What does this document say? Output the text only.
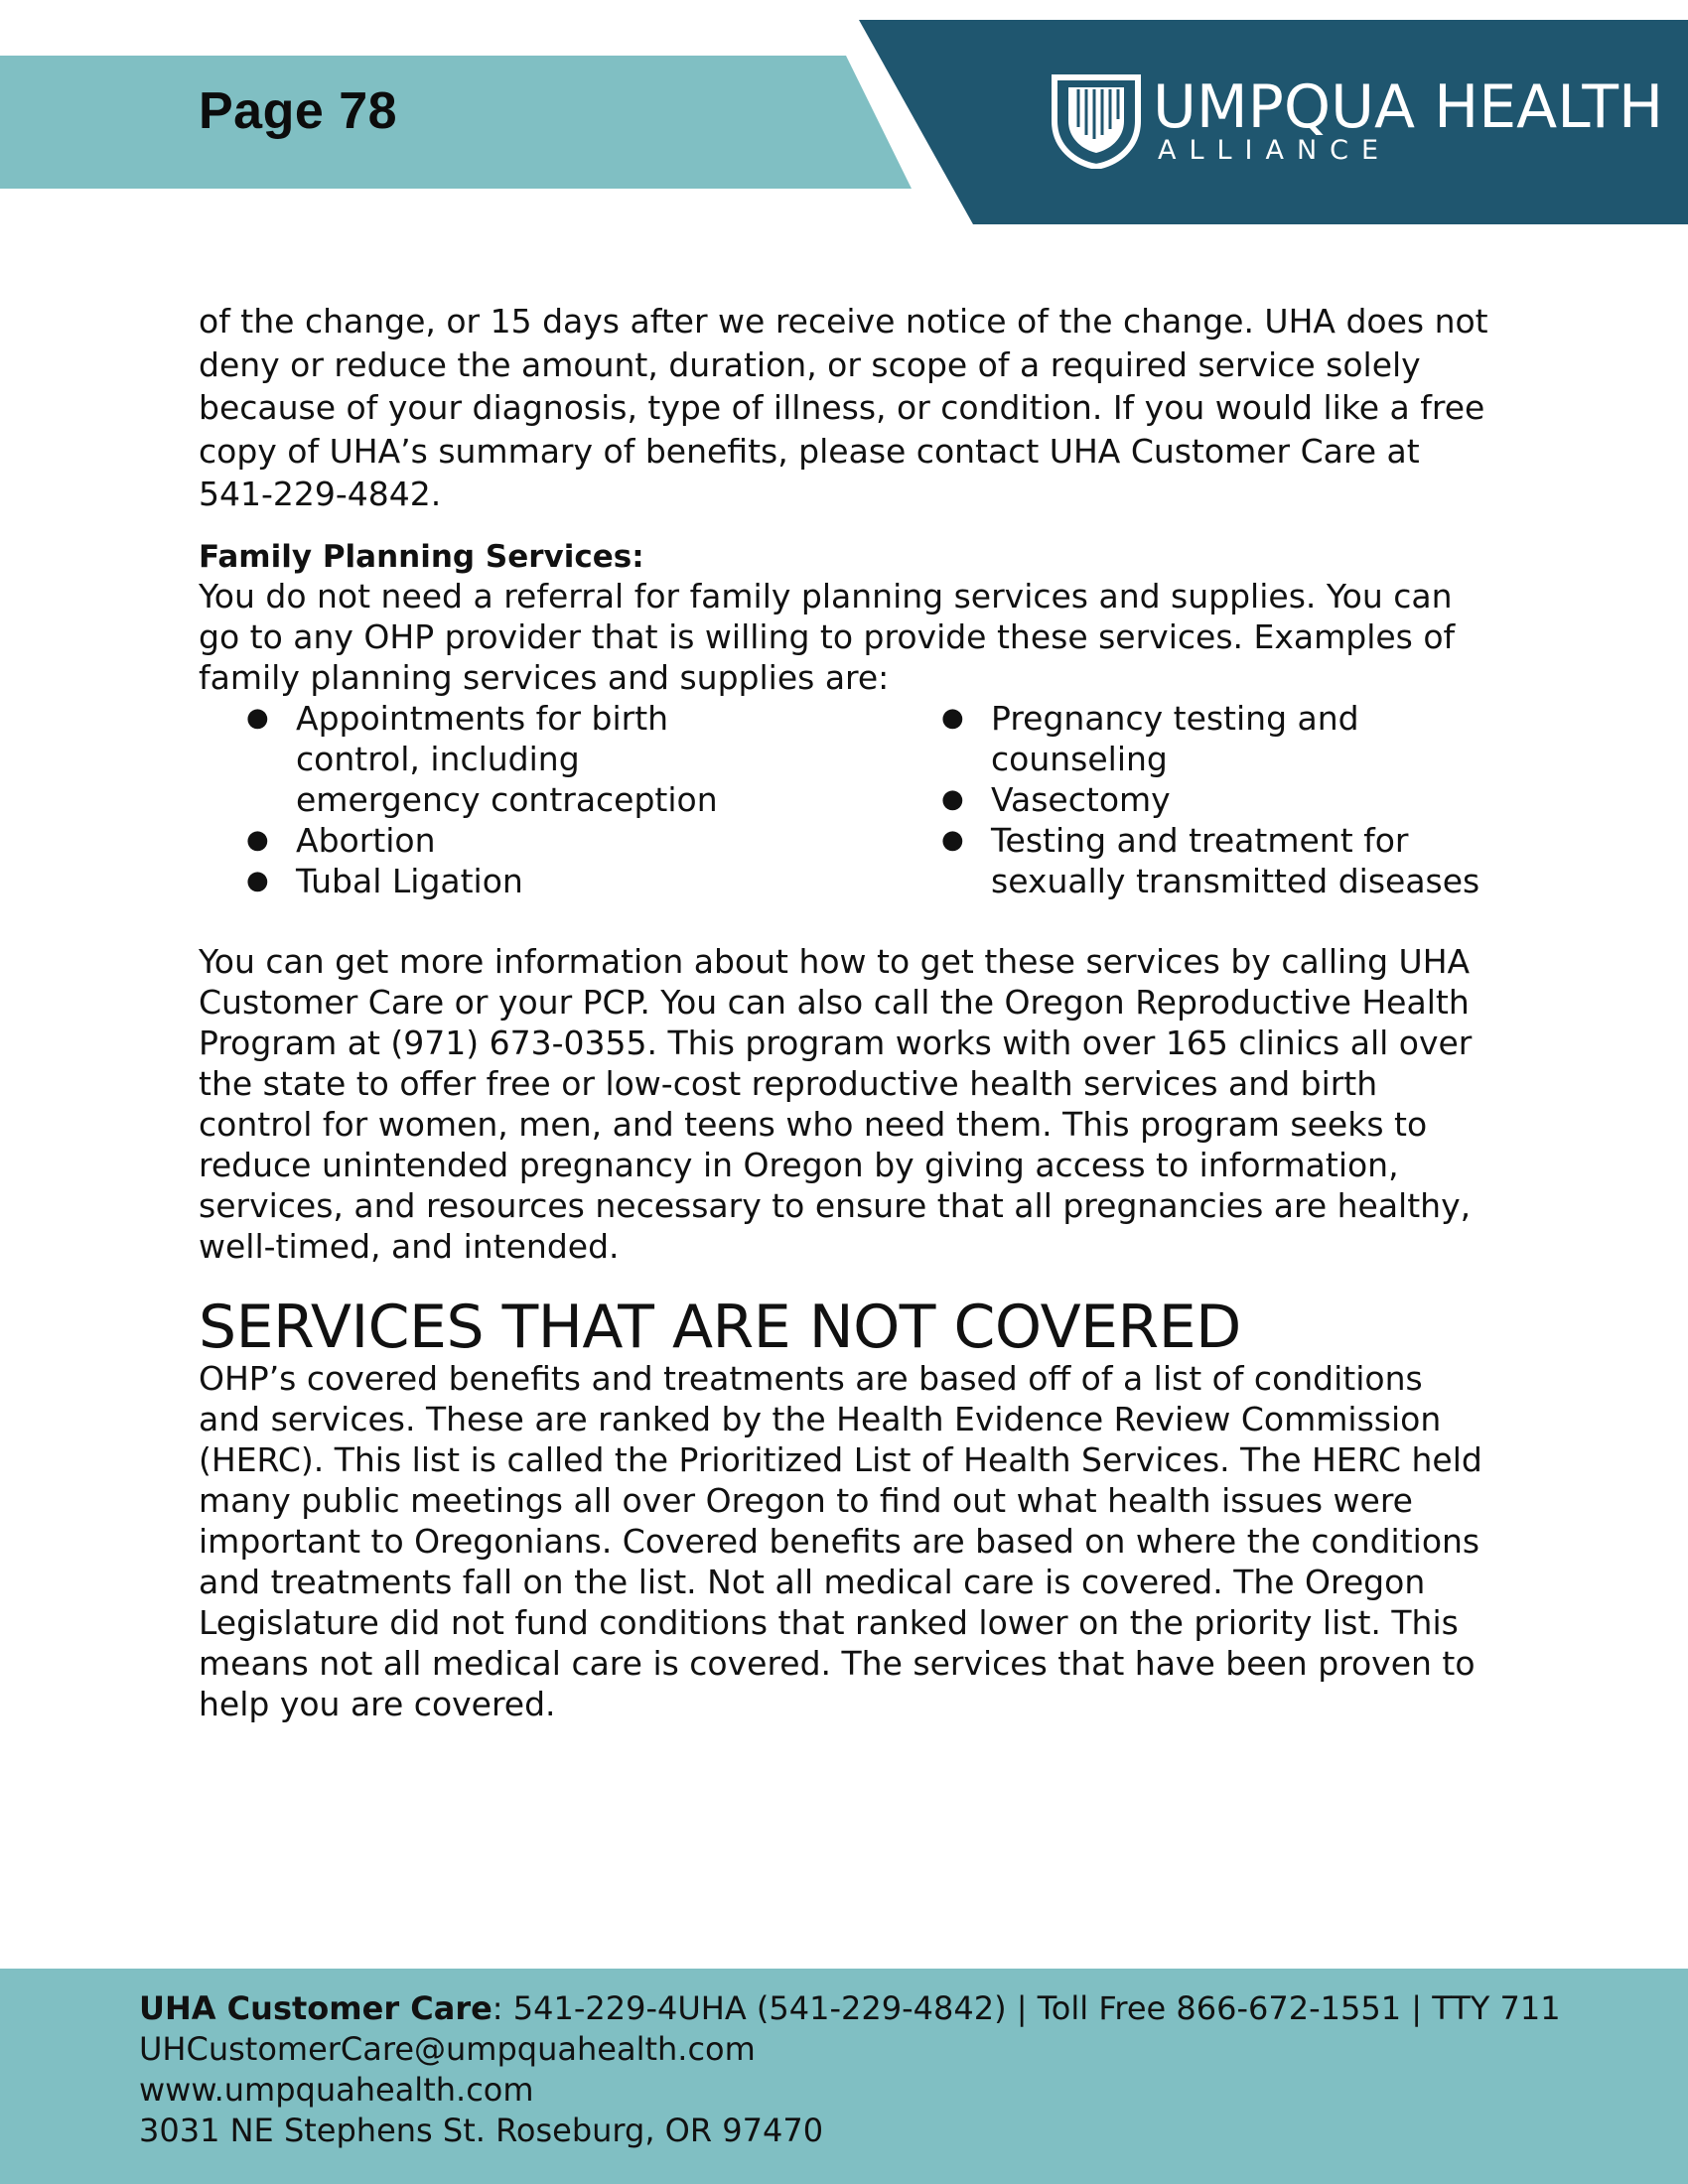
Page 78	UMPQUA HEALTH
ALLIANCE

of the change, or 15 days after we receive notice of the change. UHA does not deny or reduce the amount, duration, or scope of a required service solely because of your diagnosis, type of illness, or condition. If you would like a free copy of UHA’s summary of benefits, please contact UHA Customer Care at 541-229-4842.

Family Planning Services:

You do not need a referral for family planning services and supplies. You can go to any OHP provider that is willing to provide these services. Examples of family planning services and supplies are:

● Appointments for birth control, including emergency contraception
● Abortion
● Tubal Ligation
● Pregnancy testing and counseling
● Vasectomy
● Testing and treatment for sexually transmitted diseases

You can get more information about how to get these services by calling UHA Customer Care or your PCP. You can also call the Oregon Reproductive Health Program at (971) 673-0355. This program works with over 165 clinics all over the state to offer free or low-cost reproductive health services and birth control for women, men, and teens who need them. This program seeks to reduce unintended pregnancy in Oregon by giving access to information, services, and resources necessary to ensure that all pregnancies are healthy, well-timed, and intended.

SERVICES THAT ARE NOT COVERED

OHP’s covered benefits and treatments are based off of a list of conditions and services. These are ranked by the Health Evidence Review Commission (HERC). This list is called the Prioritized List of Health Services. The HERC held many public meetings all over Oregon to find out what health issues were important to Oregonians. Covered benefits are based on where the conditions and treatments fall on the list. Not all medical care is covered. The Oregon Legislature did not fund conditions that ranked lower on the priority list. This means not all medical care is covered. The services that have been proven to help you are covered.

UHA Customer Care: 541-229-4UHA (541-229-4842) | Toll Free 866-672-1551 | TTY 711
UHCustomerCare@umpquahealth.com
www.umpquahealth.com
3031 NE Stephens St. Roseburg, OR 97470
